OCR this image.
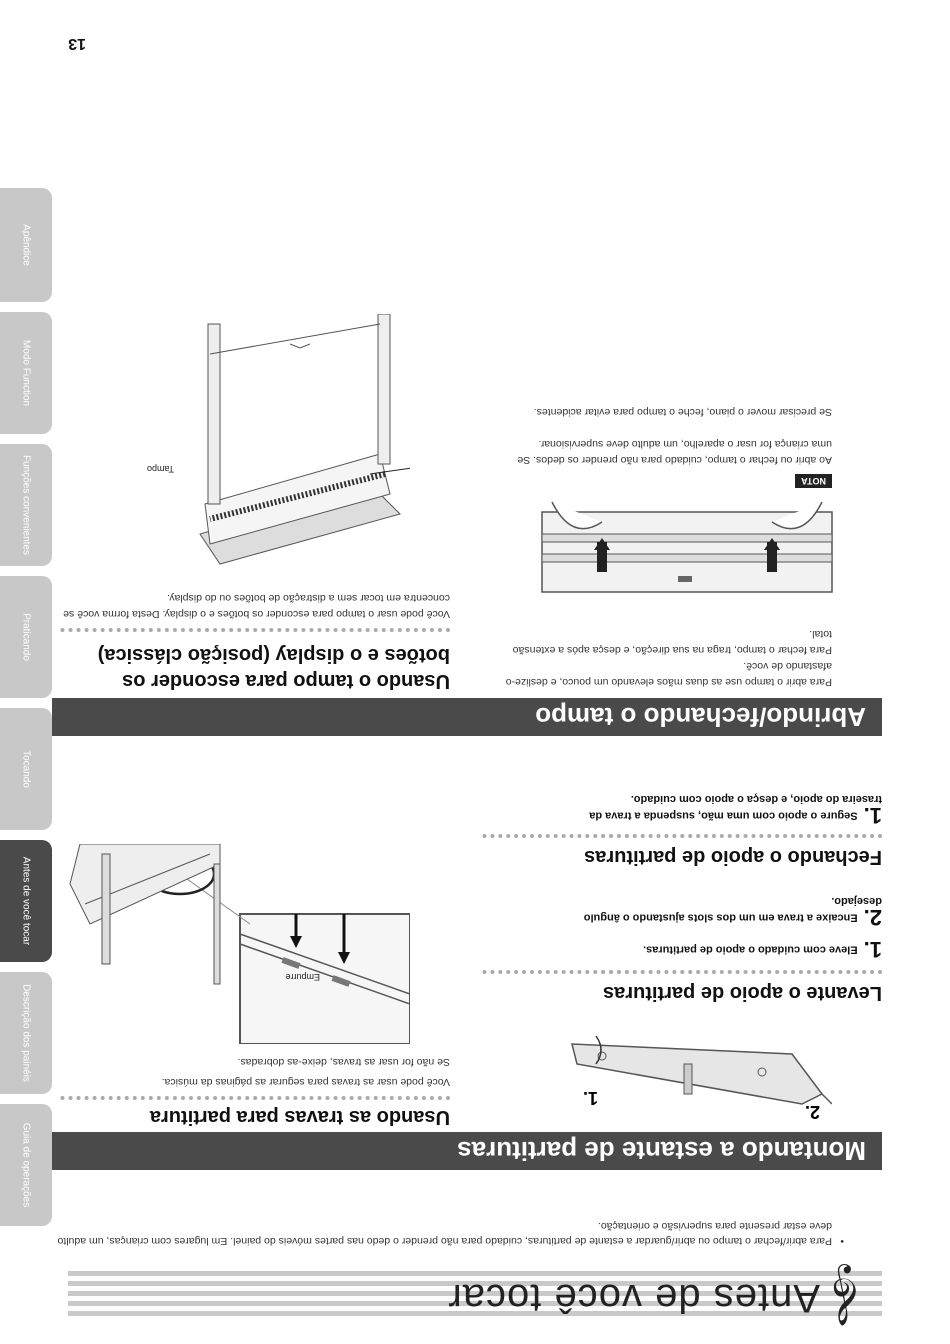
𝄞
Antes de você tocar
•
Para abrir/fechar o tampo ou abrir/guardar a estante de partituras, cuidado para não prender o dedo nas partes móveis do painel. Em lugares com crianças, um adulto deve estar presente para supervisão e orientação.
Montando a estante de partituras
2.
1.
Levante o apoio de partituras
1.Eleve com cuidado o apoio de partituras.
2.Encaixe a trava em um dos slots ajustando o ângulo desejado.
Fechando o apoio de partituras
1.Segure o apoio com uma mão, suspenda a trava da traseira do apoio, e desça o apoio com cuidado.
Usando as travas para partitura
Você pode usar as travas para segurar as páginas da música.
Se não for usar as travas, deixe-as dobradas.
Empurre
Abrindo/fechando o tampo
Para abrir o tampo use as duas mãos elevando um pouco, e deslize-o afastando de você.
Para fechar o tampo, traga na sua direção, e desça após a extensão total.
NOTA
Ao abrir ou fechar o tampo, cuidado para não prender os dedos. Se uma criança for usar o aparelho, um adulto deve supervisionar.
Se precisar mover o piano, feche o tampo para evitar acidentes.
Usando o tampo para esconder os botões e o display (posição clássica)
Você pode usar o tampo para esconder os botões e o display. Desta forma você se concentra em tocar sem a distração de botões ou do display.
Tampo
Guia de operações
Descrição dos painéis
Antes de você tocar
Tocando
Praticando
Funções convenientes
Modo Function
Apêndice
13
